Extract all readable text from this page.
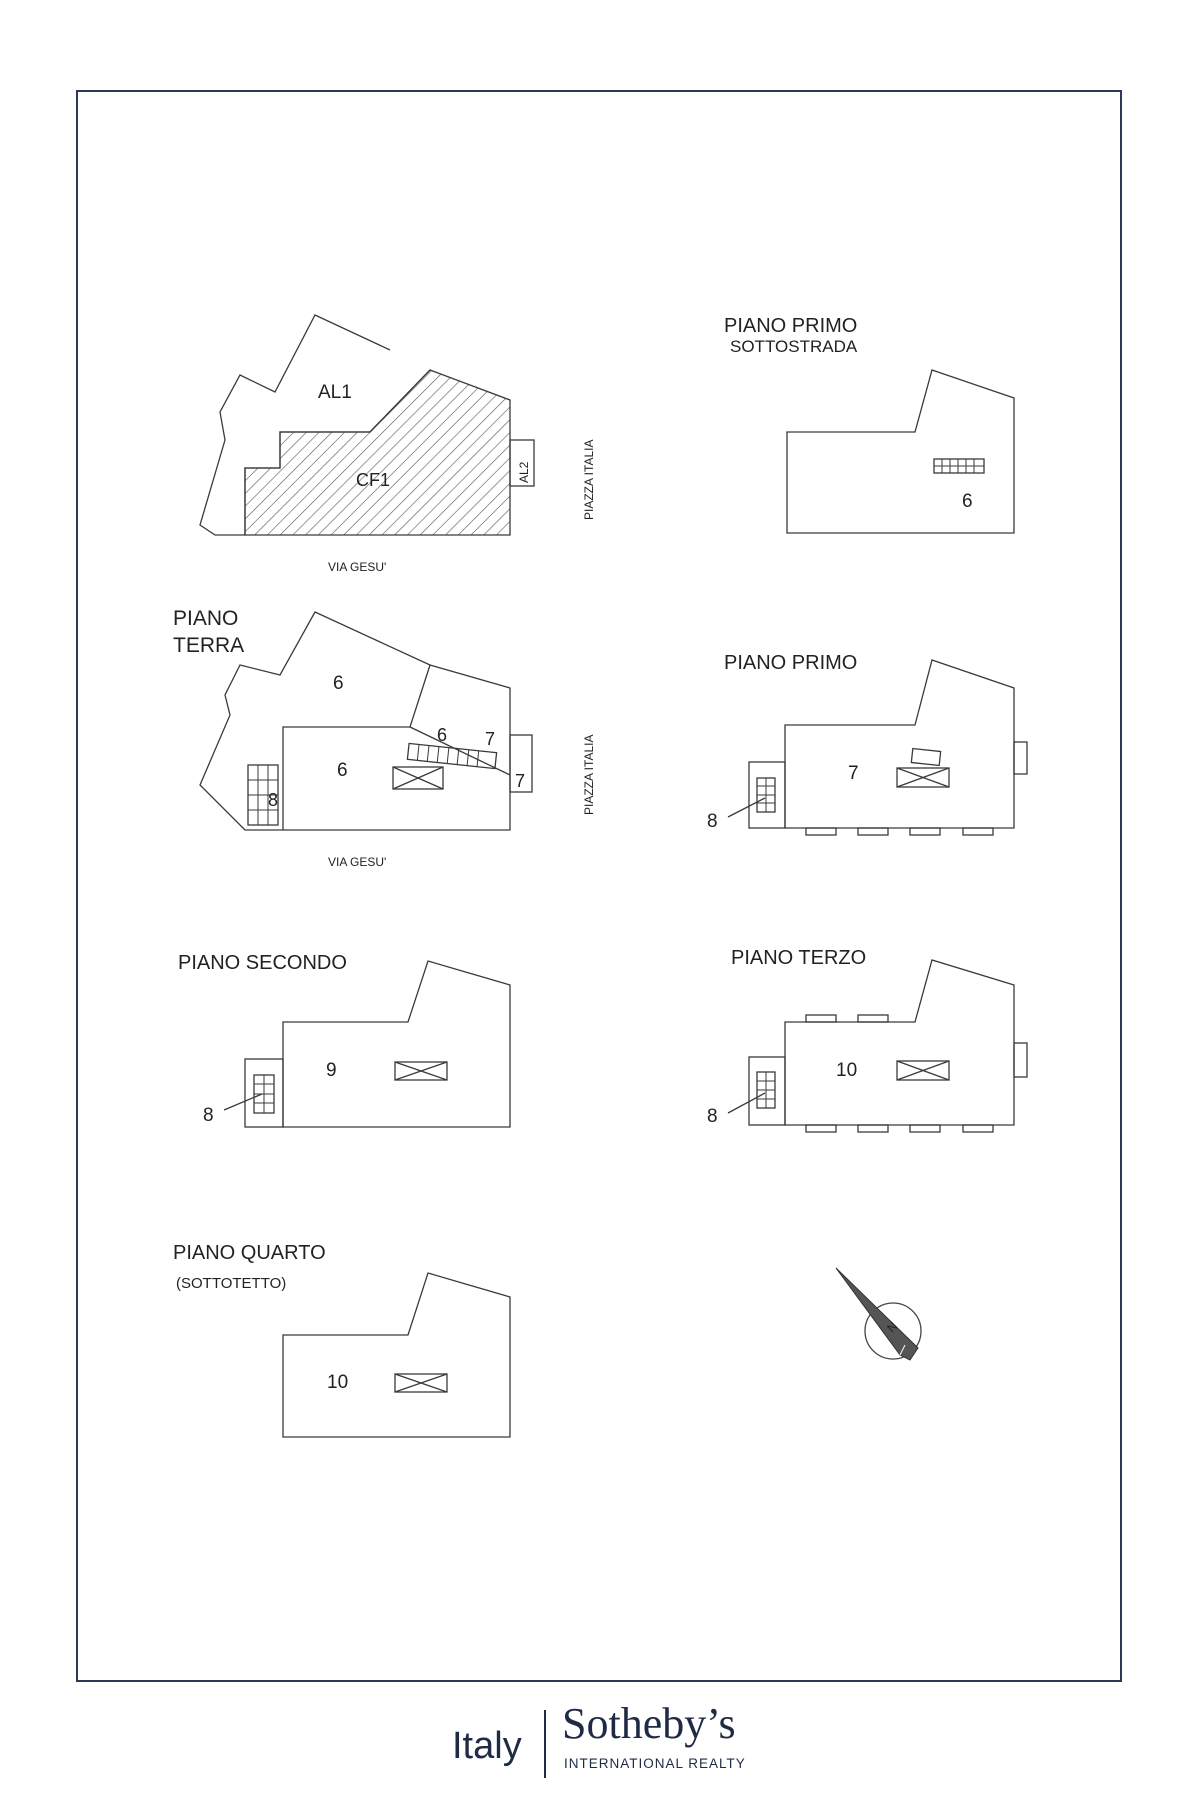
AL1
CF1	AL2	PIAZZA ITALIA
VIA GESU'
PIANO PRIMO
SOTTOSTRADA
6
PIANO
TERRA
6
6
6 7
7
8	PIAZZA ITALIA
VIA GESU'
PIANO PRIMO
7
8
PIANO SECONDO
9
8
PIANO TERZO
10
8
PIANO QUARTO
(SOTTOTETTO)
10
N
Italy Sotheby’s
INTERNATIONAL REALTY
